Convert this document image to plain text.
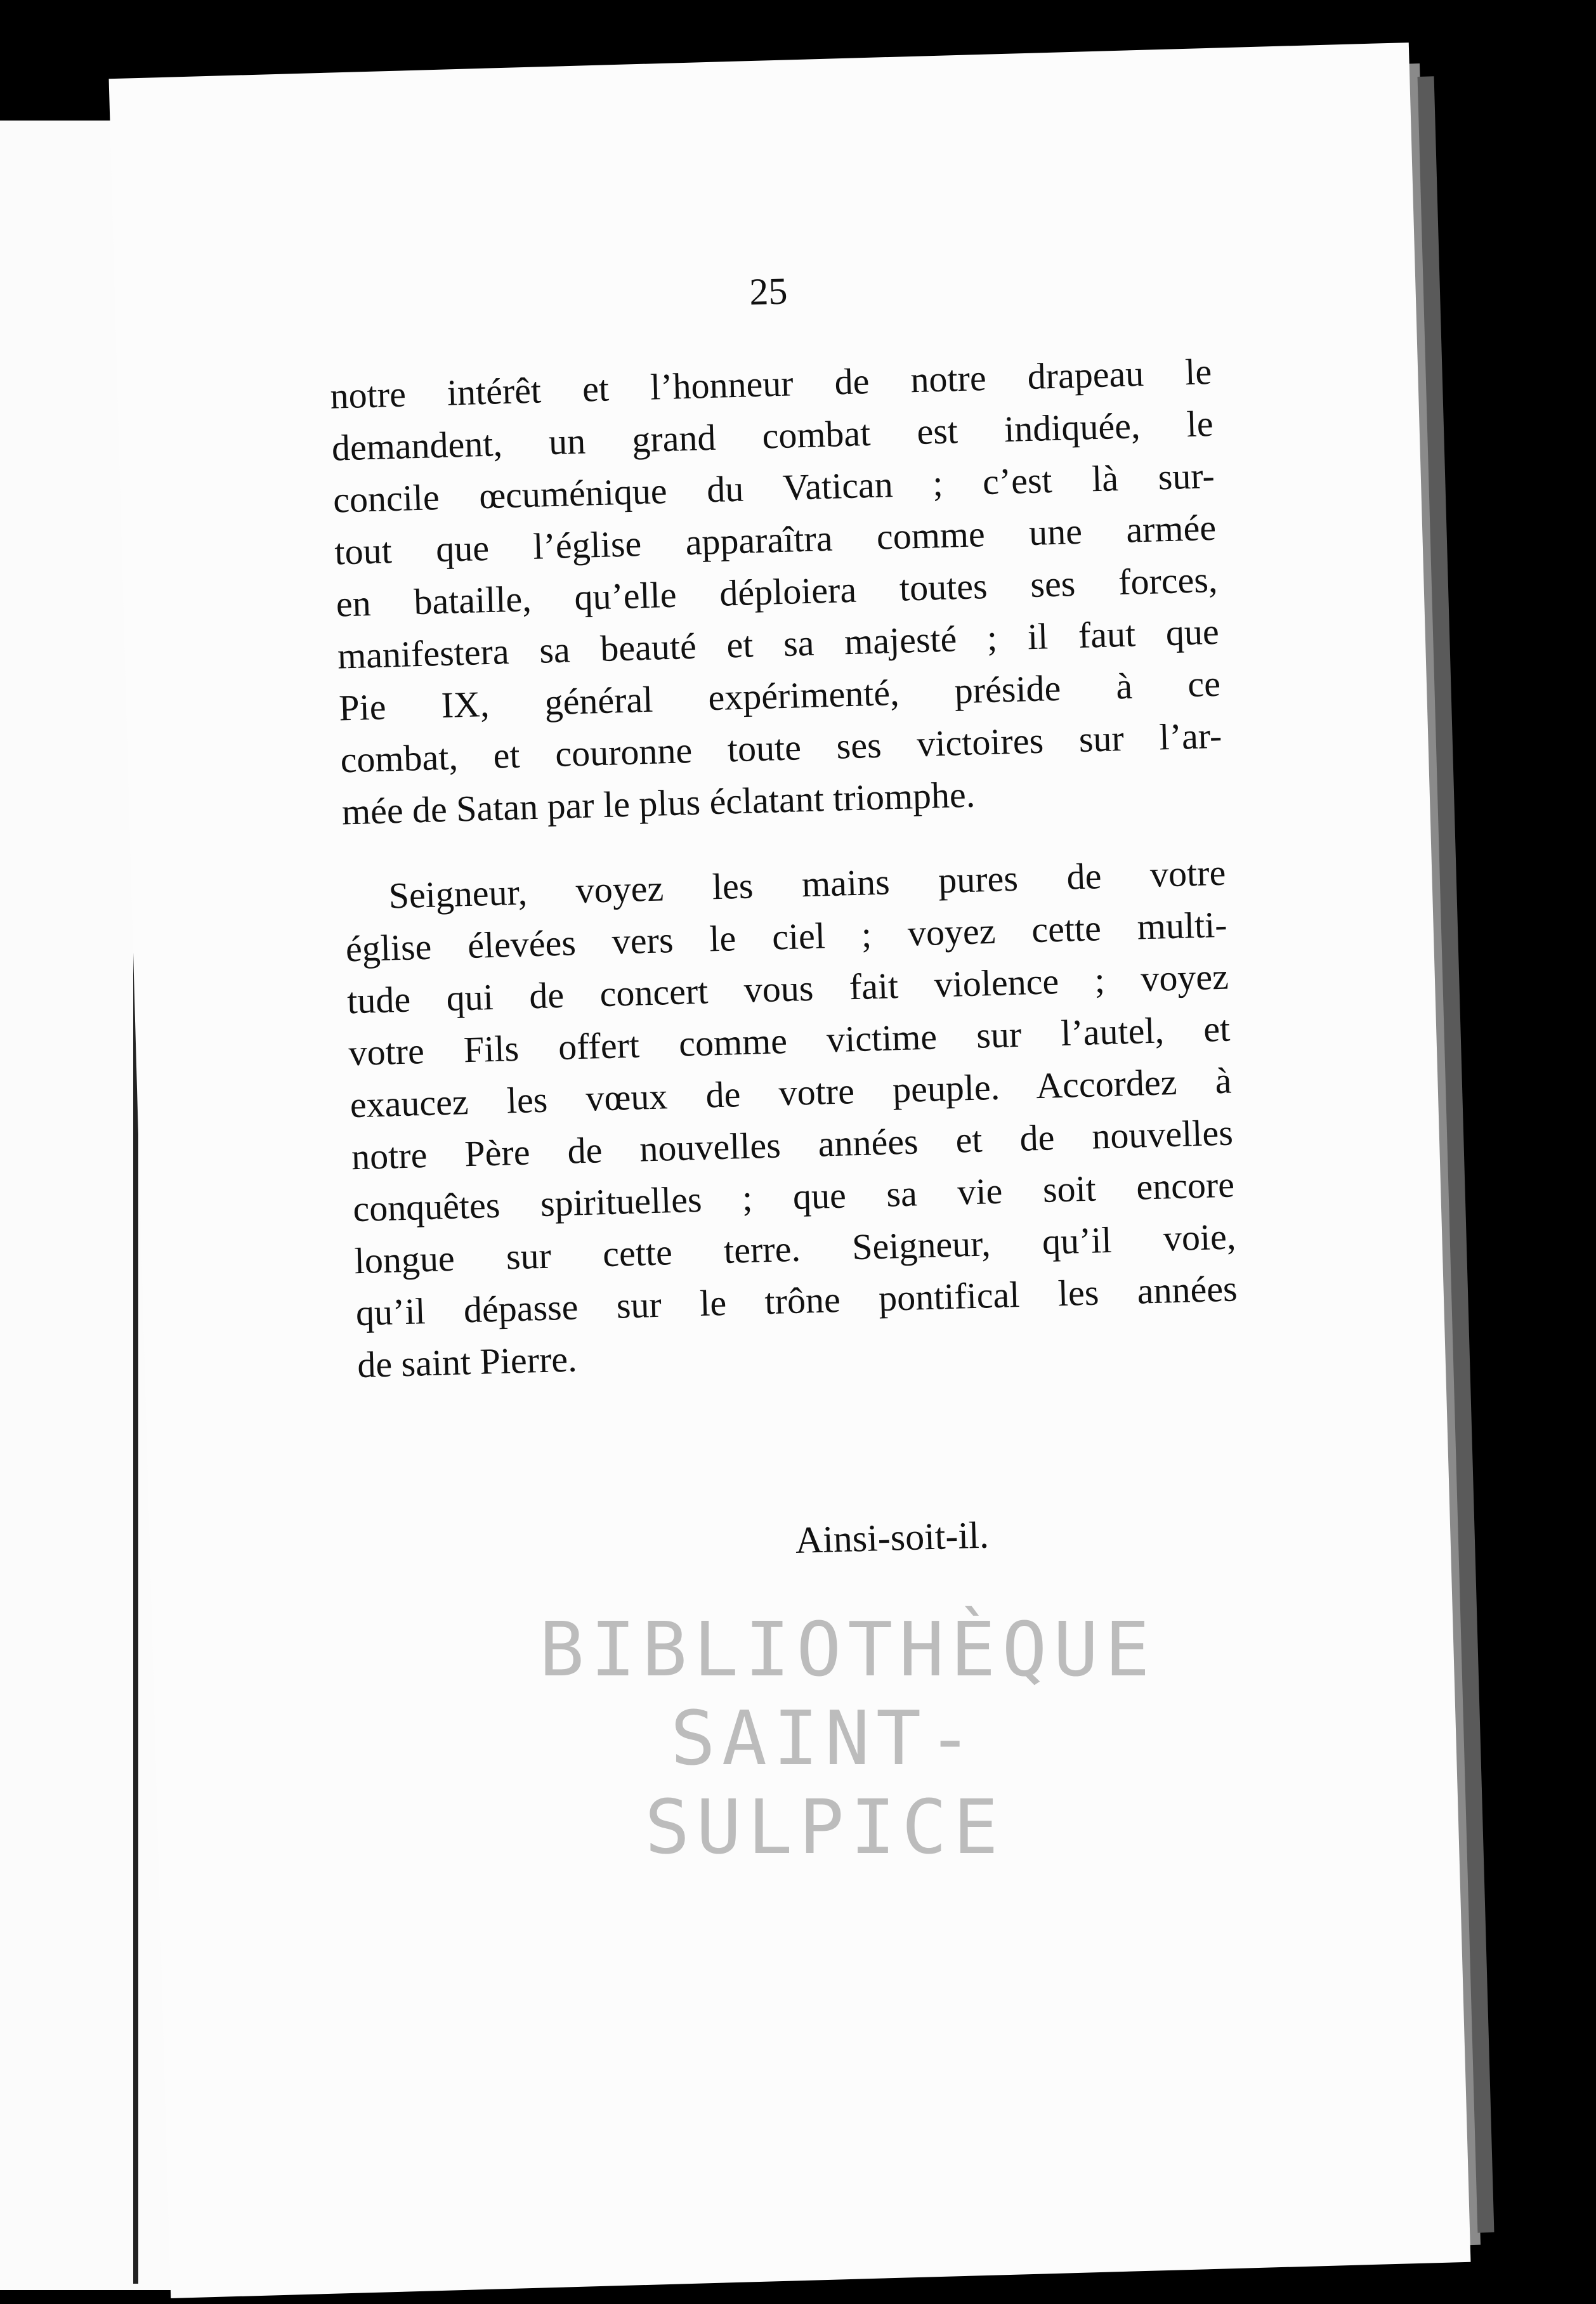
25
notre intérêt et l’honneur de notre drapeau le
demandent, un grand combat est indiquée, le
concile œcuménique du Vatican ; c’est là sur-
tout que l’église apparaîtra comme une armée
en bataille, qu’elle déploiera toutes ses forces,
manifestera sa beauté et sa majesté ; il faut que
Pie IX, général expérimenté, préside à ce
combat, et couronne toute ses victoires sur l’ar-
mée de Satan par le plus éclatant triomphe.
Seigneur, voyez les mains pures de votre
église élevées vers le ciel ; voyez cette multi-
tude qui de concert vous fait violence ; voyez
votre Fils offert comme victime sur l’autel, et
exaucez les vœux de votre peuple. Accordez à
notre Père de nouvelles années et de nouvelles
conquêtes spirituelles ; que sa vie soit encore
longue sur cette terre. Seigneur, qu’il voie,
qu’il dépasse sur le trône pontifical les années
de saint Pierre.
Ainsi-soit-il.
BIBLIOTHÈQUE
SAINT-SULPICE
